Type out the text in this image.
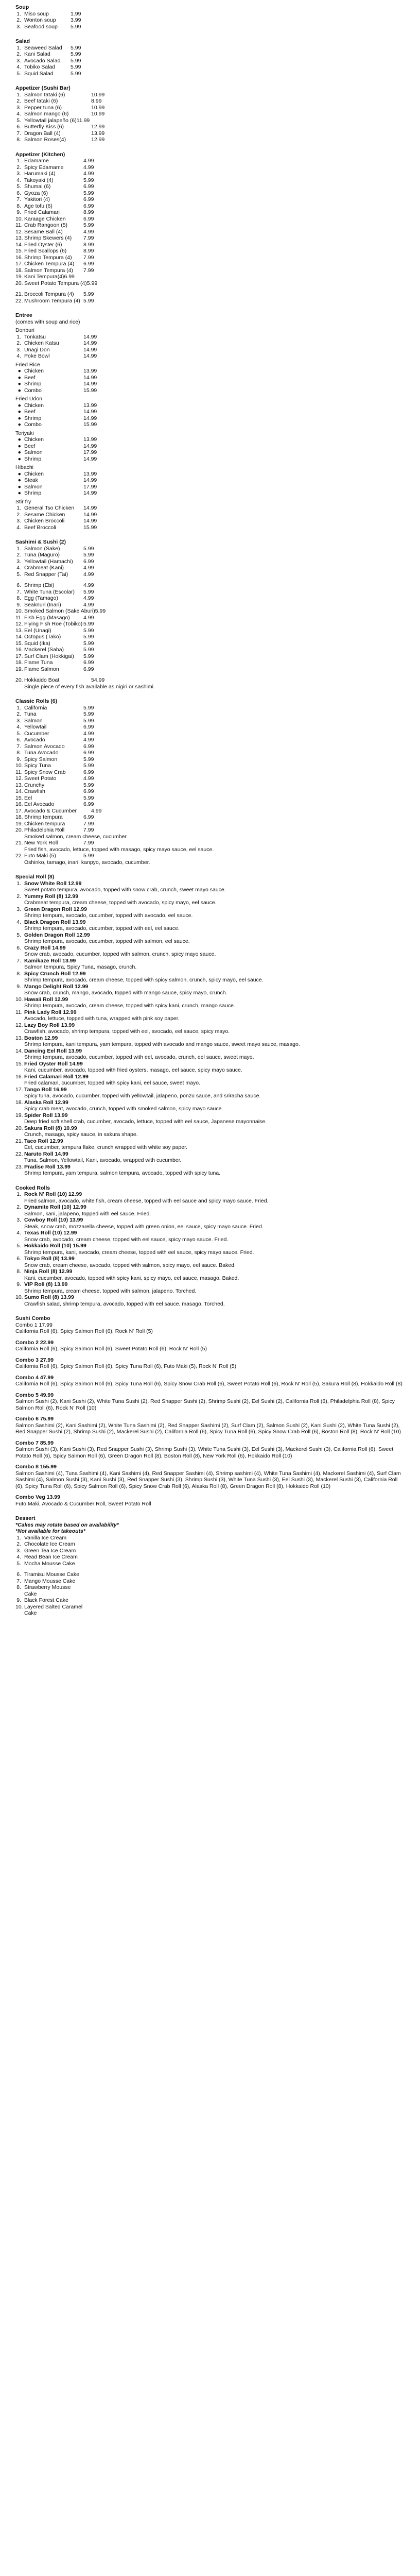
Soup
1. Miso soup	1.99
2. Wonton soup	3.99
3. Seafood soup	5.99
Salad
1. Seaweed Salad	5.99
2. Kani Salad	5.99
3. Avocado Salad	5.99
4. Tobiko Salad	5.99
5. Squid Salad	5.99
Appetizer (Sushi Bar)
1. Salmon tataki (6)	10.99
2. Beef tataki (6)	8.99
3. Pepper tuna (6)	10.99
4. Salmon mango (6)	10.99
5. Yellowtail jalapeño (6) 11.99
6. Butterfly Kiss (6)	12.99
7. Dragon Ball (4)	13.99
8. Salmon Roses(4)	12.99
Appetizer (Kitchen)
1. Edamame	4.99
2. Spicy Edamame	4.99
3. Harumaki (4)	4.99
4. Takoyaki (4)	5.99
5. Shumai (6)	6.99
6. Gyoza (6)	5.99
7. Yakitori (4)	6.99
8. Age tofu (6)	6.99
9. Fried Calamari	8.99
10. Karaage Chicken	6.99
11. Crab Rangoon (5)	5.99
12. Sesame Ball (4)	4.99
13. Shrimp Skewers (4)	7.99
14. Fried Oyster (6)	8.99
15. Fried Scallops (6)	8.99
16. Shrimp Tempura (4)	7.99
17. Chicken Tempura (4)	6.99
18. Salmon Tempura (4)	7.99
19. Kani Tempura(4) 6.99
20. Sweet Potato Tempura (4) 5.99
21. Broccoli Tempura (4)	5.99
22. Mushroom Tempura (4) 5.99
Entree
(comes with soup and rice)
Donburi
1. Tonkatsu	14.99
2. Chicken Katsu	14.99
3. Unagi Don	14.99
4. Poke Bowl	14.99
Fried Rice
● Chicken	13.99
● Beef	14.99
● Shrimp	14.99
● Combo	15.99
Fried Udon
● Chicken	13.99
● Beef	14.99
● Shrimp	14.99
● Combo	15.99
Teriyaki
● Chicken	13.99
● Beef	14.99
● Salmon	17.99
● Shrimp	14.99
Hibachi
● Chicken	13.99
● Steak	14.99
● Salmon	17.99
● Shrimp	14.99
Stir fry
1. General Tso Chicken	14.99
2. Sesame Chicken	14.99
3. Chicken Broccoli	14.99
4. Beef Broccoli	15.99
Sashimi & Sushi (2)
1. Salmon (Sake)	5.99
2. Tuna (Maguro)	5.99
3. Yellowtail (Hamachi)	6.99
4. Crabmeat (Kani)	4.99
5. Red Snapper (Tai)	4.99
6. Shrimp (Ebi)	4.99
7. White Tuna (Escolar)	5.99
8. Egg (Tamago)	4.99
9. Seaknurl (Inari)	4.99
10. Smoked Salmon (Sake Aburi) 5.99
11. Fish Egg (Masago)	4.99
12. Flying Fish Roe (Tobiko) 5.99
13. Eel (Unagi)	5.99
14. Octopus (Tako)	5.99
15. Squid (Ika)	5.99
16. Mackerel (Saba)	5.99
17. Surf Clam (Hokkigai)	5.99
18. Flame Tuna	6.99
19. Flame Salmon	6.99
20. Hokkaido Boat	54.99
Single piece of every fish available as nigiri or sashimi.
Classic Rolls (6)
1. California	5.99
2. Tuna	5.99
3. Salmon	5.99
4. Yellowtail	6.99
5. Cucumber	4.99
6. Avocado	4.99
7. Salmon Avocado	6.99
8. Tuna Avocado	6.99
9. Spicy Salmon	5.99
10. Spicy Tuna	5.99
11. Spicy Snow Crab	6.99
12. Sweet Potato	4.99
13. Crunchy	5.99
14. Crawfish	6.99
15. Eel	5.99
16. Eel Avocado	6.99
17. Avocado & Cucumber	4.99
18. Shrimp tempura	6.99
19. Chicken tempura	7.99
20. Philadelphia Roll	7.99
Smoked salmon, cream cheese, cucumber.
21. New York Roll	7.99
Fried fish, avocado, lettuce, topped with masago, spicy mayo sauce, eel sauce.
22. Futo Maki (5)	5.99
Oshinko, tamago, inari, kanpyo, avocado, cucumber.
Special Roll (8)
1. Snow White Roll 12.99
Sweet potato tempura, avocado, topped with snow crab, crunch, sweet mayo sauce.
2. Yummy Roll (8) 12.99
Crabmeat tempura, cream cheese, topped with avocado, spicy mayo, eel sauce.
3. Green Dragon Roll 12.99
Shrimp tempura, avocado, cucumber, topped with avocado, eel sauce.
4. Black Dragon Roll 13.99
Shrimp tempura, avocado, cucumber, topped with eel, eel sauce.
5. Golden Dragon Roll 12.99
Shrimp tempura, avocado, cucumber, topped with salmon, eel sauce.
6. Crazy Roll 14.99
Snow crab, avocado, cucumber, topped with salmon, crunch, spicy mayo sauce.
7. Kamikaze Roll 13.99
Salmon tempura, Spicy Tuna, masago, crunch.
8. Spicy Crunch Roll 12.99
Shrimp tempura, avocado, cream cheese, topped with spicy salmon, crunch, spicy mayo, eel sauce.
9. Mango Delight Roll 12.99
Snow crab, crunch, mango, avocado, topped with mango sauce, spicy mayo, crunch.
10. Hawaii Roll 12.99
Shrimp tempura, avocado, cream cheese, topped with spicy kani, crunch, mango sauce.
11. Pink Lady Roll 12.99
Avocado, lettuce, topped with tuna, wrapped with pink soy paper.
12. Lazy Boy Roll 13.99
Crawfish, avocado, shrimp tempura, topped with eel, avocado, eel sauce, spicy mayo.
13. Boston 12.99
Shrimp tempura, kani tempura, yam tempura, topped with avocado and mango sauce, sweet mayo sauce, masago.
14. Dancing Eel Roll 13.99
Shrimp tempura, avocado, cucumber, topped with eel, avocado, crunch, eel sauce, sweet mayo.
15. Fried Oyster Roll 14.99
Kani, cucumber, avocado, topped with fried oysters, masago, eel sauce, spicy mayo sauce.
16. Fried Calamari Roll 12.99
Fried calamari, cucumber, topped with spicy kani, eel sauce, sweet mayo.
17. Tango Roll 16.99
Spicy tuna, avocado, cucumber, topped with yellowtail, jalapeno, ponzu sauce, and sriracha sauce.
18. Alaska Roll 12.99
Spicy crab meat, avocado, crunch, topped with smoked salmon, spicy mayo sauce.
19. Spider Roll 13.99
Deep fried soft shell crab, cucumber, avocado, lettuce, topped with eel sauce, Japanese mayonnaise.
20. Sakura Roll (8) 10.99
Crunch, masago, spicy sauce, in sakura shape.
21. Taco Roll 12.99
Eel, cucumber, tempura flake, crunch wrapped with white soy paper.
22. Naruto Roll 14.99
Tuna, Salmon, Yellowtail, Kani, avocado, wrapped with cucumber.
23. Pradise Roll 13.99
Shrimp tempura, yam tempura, salmon tempura, avocado, topped with spicy tuna.
Cooked Rolls
1. Rock N' Roll (10) 12.99
Fried salmon, avocado, white fish, cream cheese, topped with eel sauce and spicy mayo sauce. Fried.
2. Dynamite Roll (10) 12.99
Salmon, kani, jalapeno, topped with eel sauce. Fried.
3. Cowboy Roll (10) 13.99
Steak, snow crab, mozzarella cheese, topped with green onion, eel sauce, spicy mayo sauce. Fried.
4. Texas Roll (10) 12.99
Snow crab, avocado, cream cheese, topped with eel sauce, spicy mayo sauce. Fried.
5. Hokkaido Roll (10) 15.99
Shrimp tempura, kani, avocado, cream cheese, topped with eel sauce, spicy mayo sauce. Fried.
6. Tokyo Roll (8) 13.99
Snow crab, cream cheese, avocado, topped with salmon, spicy mayo, eel sauce. Baked.
8. Ninja Roll (8) 12.99
Kani, cucumber, avocado, topped with spicy kani, spicy mayo, eel sauce, masago. Baked.
9. VIP Roll (8) 13.99
Shrimp tempura, cream cheese, topped with salmon, jalapeno. Torched.
10. Sumo Roll (8) 13.99
Crawfish salad, shrimp tempura, avocado, topped with eel sauce, masago. Torched.
Sushi Combo
Combo 1 17.99
California Roll (6), Spicy Salmon Roll (6), Rock N' Roll (5)
Combo 2 22.99
California Roll (6), Spicy Salmon Roll (6), Sweet Potato Roll (6), Rock N' Roll (5)
Combo 3 27.99
California Roll (6), Spicy Salmon Roll (6), Spicy Tuna Roll (6), Futo Maki (5), Rock N' Roll (5)
Combo 4 47.99
California Roll (6), Spicy Salmon Roll (6), Spicy Tuna Roll (6), Spicy Snow Crab Roll (6), Sweet Potato Roll (6), Rock N' Roll (5), Sakura Roll (8), Hokkaido Roll (8)
Combo 5 49.99
Salmon Sushi (2), Kani Sushi (2), White Tuna Sushi (2), Red Snapper Sushi (2), Shrimp Sushi (2), Eel Sushi (2), California Roll (6), Philadelphia Roll (8), Spicy Salmon Roll (6), Rock N' Roll (10)
Combo 6 75.99
Salmon Sashimi (2), Kani Sashimi (2), White Tuna Sashimi (2), Red Snapper Sashimi (2), Surf Clam (2), Salmon Sushi (2), Kani Sushi (2), White Tuna Sushi (2), Red Snapper Sushi (2), Shrimp Sushi (2), Mackerel Sushi (2), California Roll (6), Spicy Tuna Roll (6), Spicy Snow Crab Roll (6), Boston Roll (8), Rock N' Roll (10)
Combo 7 85.99
Salmon Sushi (3), Kani Sushi (3), Red Snapper Sushi (3), Shrimp Sushi (3), White Tuna Sushi (3), Eel Sushi (3), Mackerel Sushi (3), California Roll (6), Sweet Potato Roll (6), Spicy Salmon Roll (6), Green Dragon Roll (8), Boston Roll (8), New York Roll (6), Hokkaido Roll (10)
Combo 8 155.99
Salmon Sashimi (4), Tuna Sashimi (4), Kani Sashimi (4), Red Snapper Sashimi (4), Shrimp sashimi (4), White Tuna Sashimi (4), Mackerel Sashimi (4), Surf Clam Sashimi (4), Salmon Sushi (3), Kani Sushi (3), Red Snapper Sushi (3), Shrimp Sushi (3), White Tuna Sushi (3), Eel Sushi (3), Mackerel Sushi (3), California Roll (6), Spicy Tuna Roll (6), Spicy Salmon Roll (6), Spicy Snow Crab Roll (6), Alaska Roll (8), Green Dragon Roll (8), Hokkaido Roll (10)
Combo Veg 13.99
Futo Maki, Avocado & Cucumber Roll, Sweet Potato Roll
Dessert
*Cakes may rotate based on availability*
*Not available for takeouts*
1. Vanilla Ice Cream
2. Chocolate Ice Cream
3. Green Tea Ice Cream
4. Read Bean Ice Cream
5. Mocha Mousse Cake
6. Tiramisu Mousse Cake
7. Mango Mousse Cake
8. Strawberry Mousse Cake
9. Black Forest Cake
10. Layered Salted Caramel Cake
